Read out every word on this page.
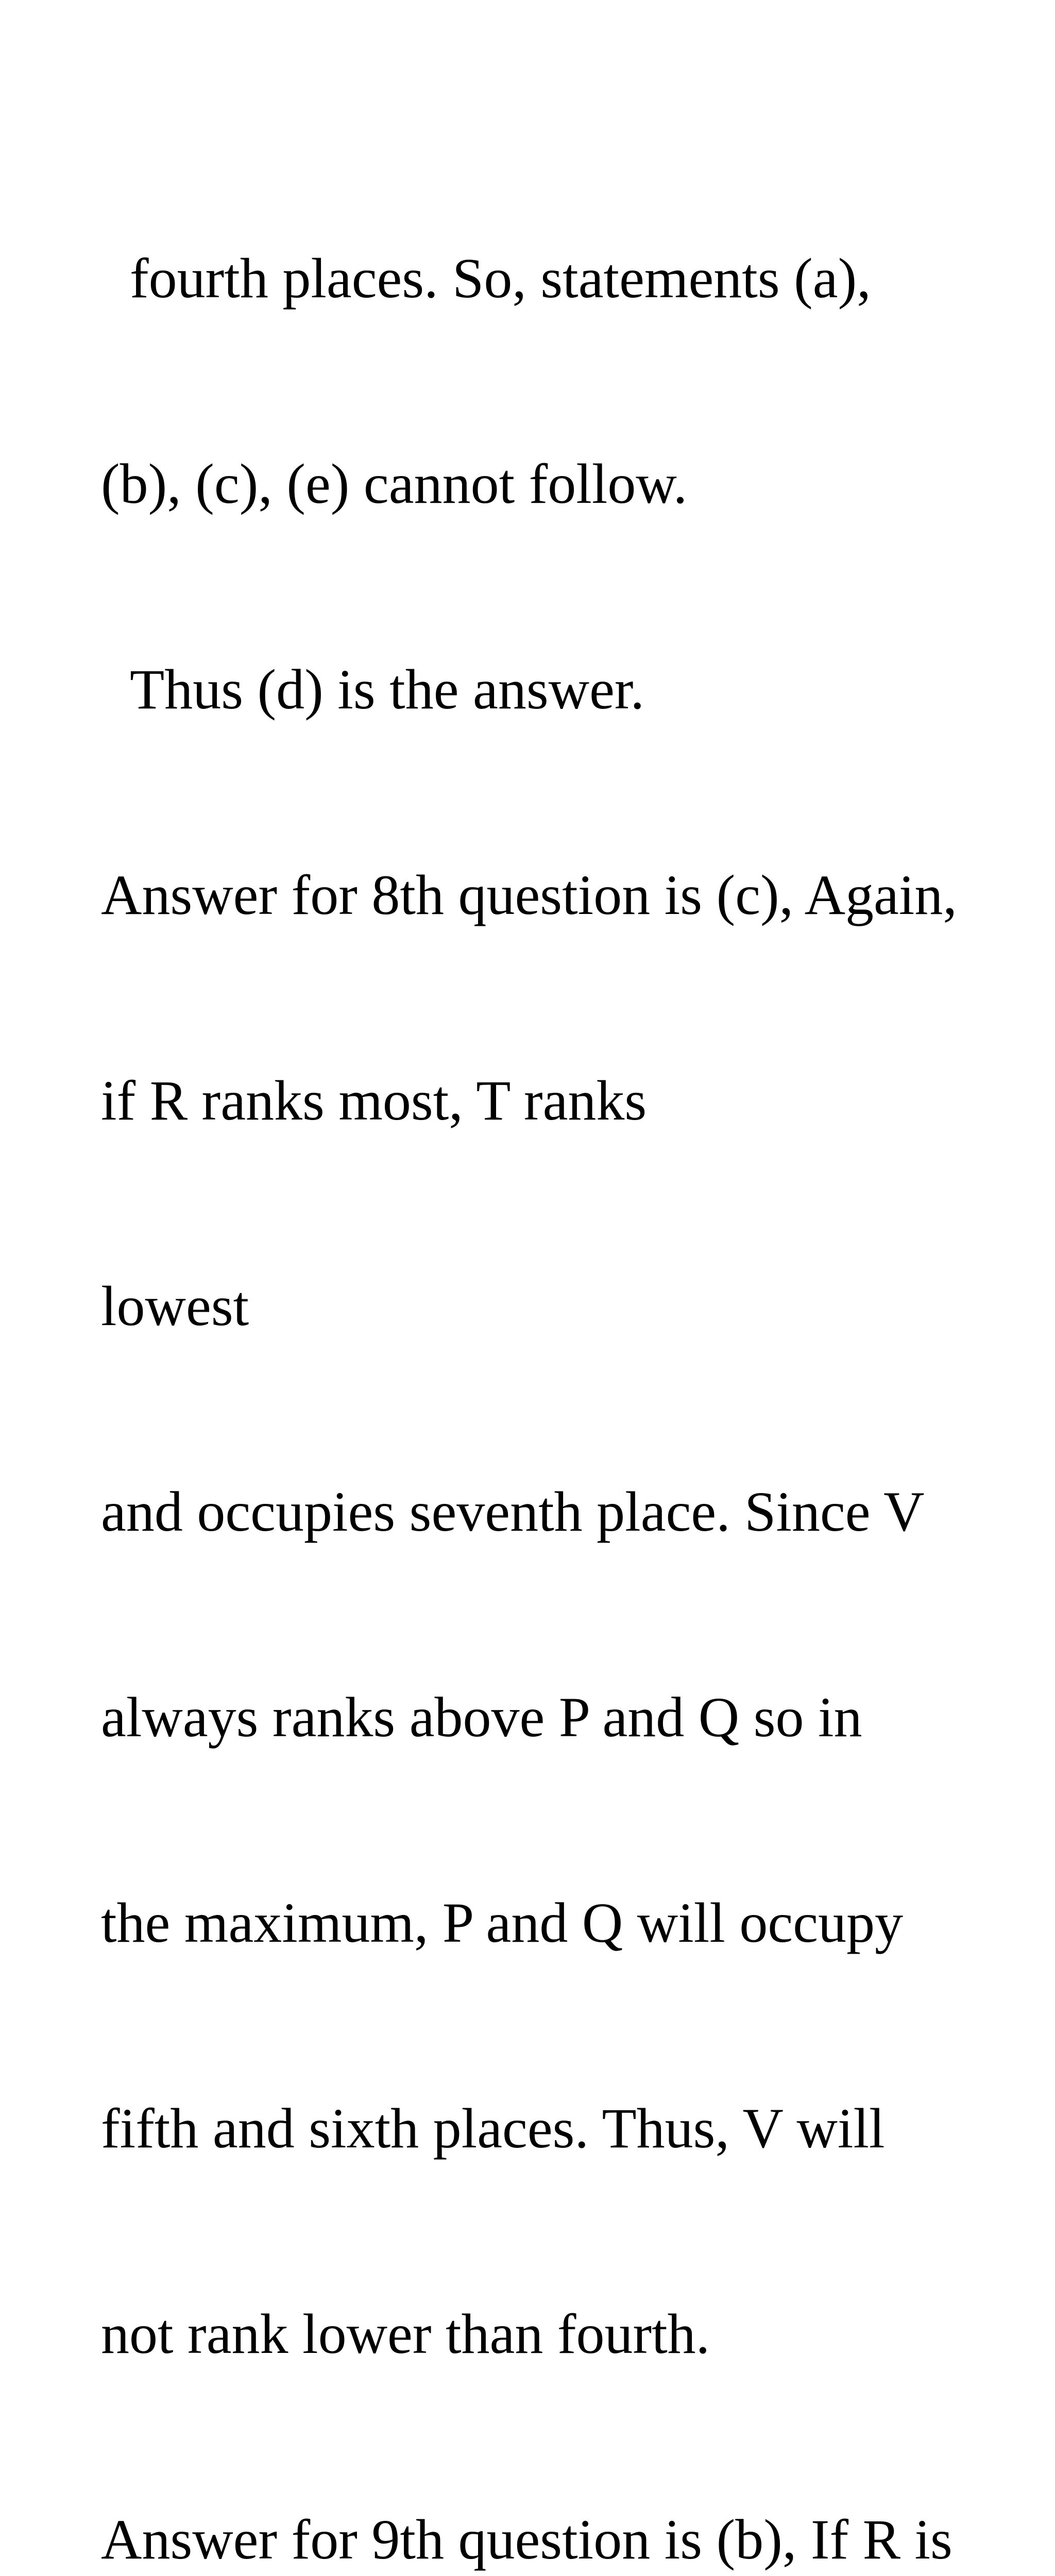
fourth places. So, statements (a),

(b), (c), (e) cannot follow.

Thus (d) is the answer.

Answer for 8th question is (c), Again,

if R ranks most, T ranks

lowest

and occupies seventh place. Since V

always ranks above P and Q so in

the maximum, P and Q will occupy

fifth and sixth places. Thus, V will

not rank lower than fourth.

Answer for 9th question is (b), If R is
